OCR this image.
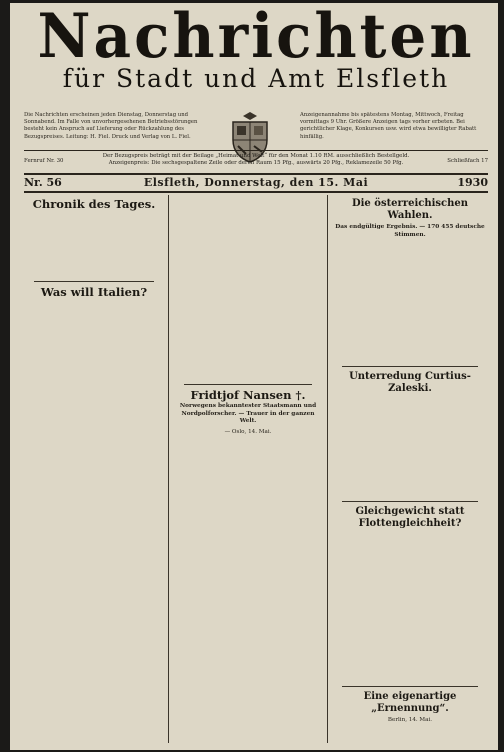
Nachrichten
für Stadt und Amt Elsfleth
Die Nachrichten erscheinen jeden Dienstag, Donnerstag und Sonnabend. Im Falle von unvorhergesehenen Betriebsstörungen besteht kein Anspruch auf Lieferung oder Rückzahlung des Bezugspreises. Leitung: H. Fiel. Druck und Verlag von L. Fiel.
Anzeigenannahme bis spätestens Montag, Mittwoch, Freitag vormittags 9 Uhr. Größere Anzeigen tags vorher erbeten. Bei gerichtlicher Klage, Konkursen usw. wird etwa bewilligter Rabatt hinfällig.
Fernruf Nr. 30
Der Bezugspreis beträgt mit der Beilage „Heimat und Welt“ für den Monat 1.10 RM. ausschließlich Bestellgeld. Anzeigenpreis: Die sechsgespaltene Zeile oder deren Raum 15 Pfg., auswärts 20 Pfg., Reklamezeile 50 Pfg.	Schließfach 17
Nr. 56	Elsfleth, Donnerstag, den 15. Mai	1930
Chronik des Tages.

Was will Italien?
Fridtjof Nansen †.
Norwegens bekanntester Staatsmann und Nordpolforscher. — Trauer in der ganzen Welt.
— Oslo, 14. Mai.
Die österreichischen Wahlen.
Das endgültige Ergebnis. — 170 455 deutsche Stimmen.
Unterredung Curtius-Zaleski.
Gleichgewicht statt Flottengleichheit?
Eine eigenartige „Ernennung“.
Berlin, 14. Mai.
